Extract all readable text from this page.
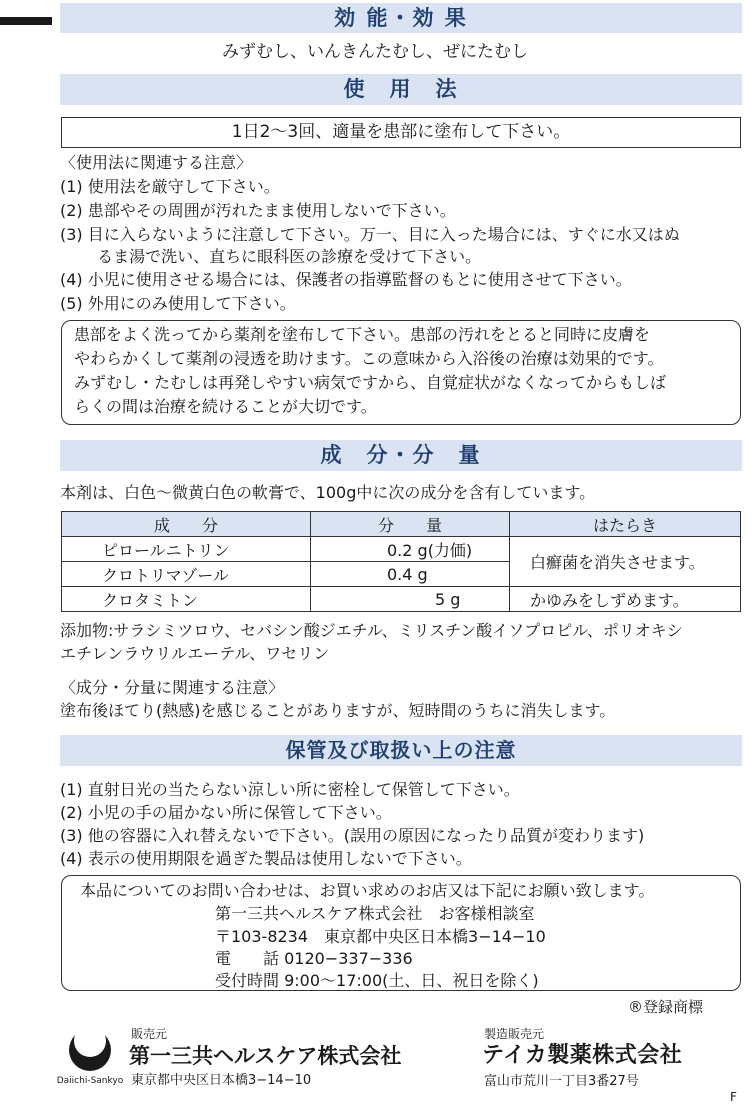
効 能・効 果
みずむし、いんきんたむし、ぜにたむし
使　用　法
1日2〜3回、適量を患部に塗布して下さい。
〈使用法に関連する注意〉
(1) 使用法を厳守して下さい。
(2) 患部やその周囲が汚れたまま使用しないで下さい。
(3) 目に入らないように注意して下さい。万一、目に入った場合には、すぐに水又はぬ
　　 るま湯で洗い、直ちに眼科医の診療を受けて下さい。
(4) 小児に使用させる場合には、保護者の指導監督のもとに使用させて下さい。
(5) 外用にのみ使用して下さい。
患部をよく洗ってから薬剤を塗布して下さい。患部の汚れをとると同時に皮膚を
やわらかくして薬剤の浸透を助けます。この意味から入浴後の治療は効果的です。
みずむし・たむしは再発しやすい病気ですから、自覚症状がなくなってからもしば
らくの間は治療を続けることが大切です。
成　分・分　量
本剤は、白色〜微黄白色の軟膏で、100g中に次の成分を含有しています。
成　　分	分　　量	はたらき
ピロールニトリン	0.2 g(力価)	白癬菌を消失させます。
クロトリマゾール	0.4 g	
クロタミトン	5 g	かゆみをしずめます。
添加物:サラシミツロウ、セバシン酸ジエチル、ミリスチン酸イソプロピル、ポリオキシ
エチレンラウリルエーテル、ワセリン
〈成分・分量に関連する注意〉
塗布後ほてり(熱感)を感じることがありますが、短時間のうちに消失します。
保管及び取扱い上の注意
(1) 直射日光の当たらない涼しい所に密栓して保管して下さい。
(2) 小児の手の届かない所に保管して下さい。
(3) 他の容器に入れ替えないで下さい。(誤用の原因になったり品質が変わります)
(4) 表示の使用期限を過ぎた製品は使用しないで下さい。
本品についてのお問い合わせは、お買い求めのお店又は下記にお願い致します。
第一三共ヘルスケア株式会社　お客様相談室
〒103-8234　東京都中央区日本橋3−14−10
電　　話 0120−337−336
受付時間 9:00〜17:00(土、日、祝日を除く)
®登録商標
Daiichi-Sankyo
販売元
第一三共ヘルスケア株式会社
東京都中央区日本橋3−14−10
製造販売元
テイカ製薬株式会社
富山市荒川一丁目3番27号
F
